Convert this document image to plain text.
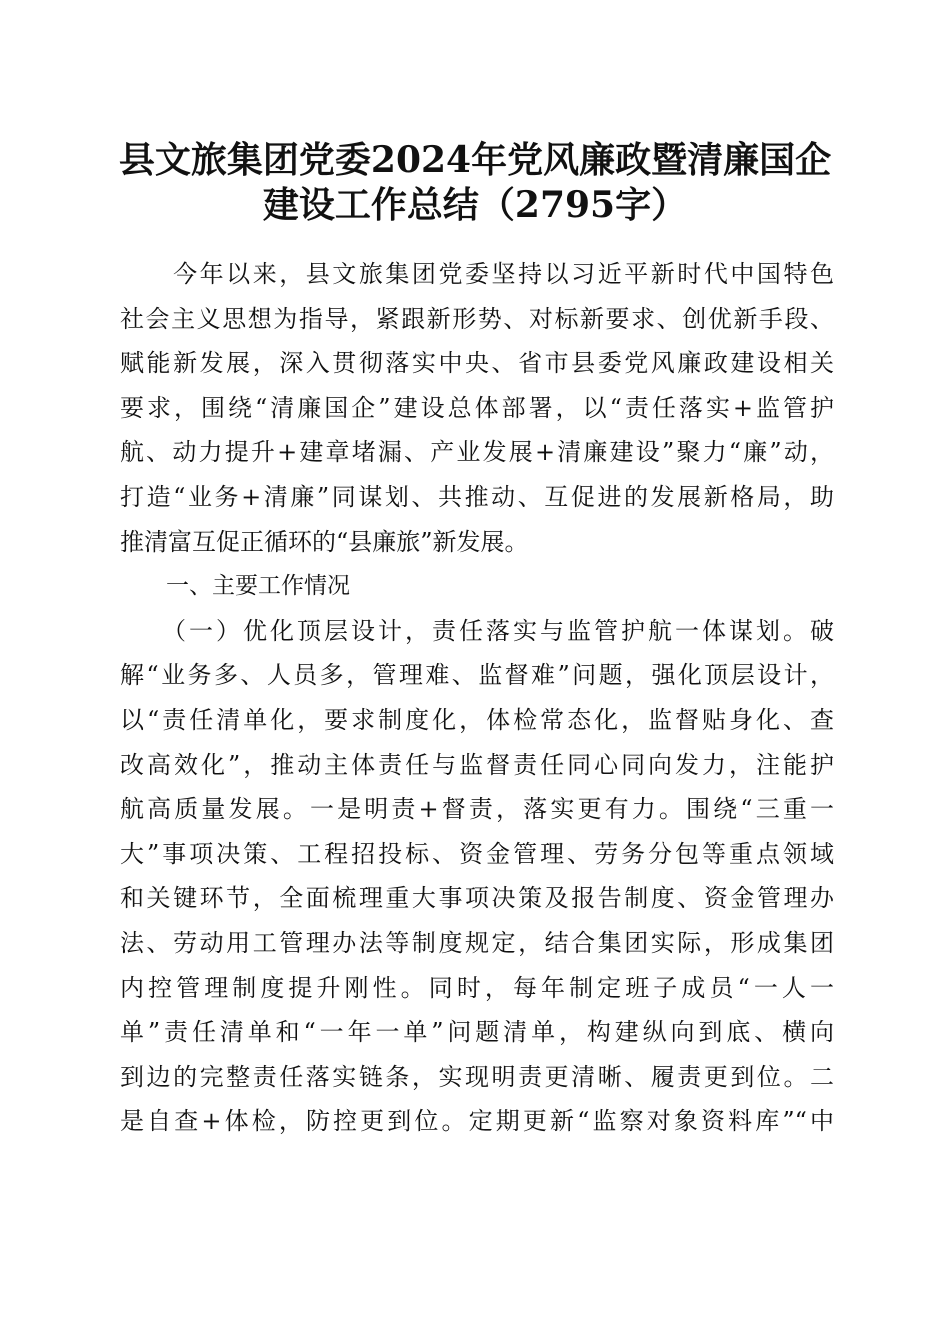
县文旅集团党委2024年党风廉政暨清廉国企
建设工作总结（2795字）
　　今年以来，县文旅集团党委坚持以习近平新时代中国特色
社会主义思想为指导，紧跟新形势、对标新要求、创优新手段、
赋能新发展，深入贯彻落实中央、省市县委党风廉政建设相关
要求，围绕“清廉国企”建设总体部署，以“责任落实+监管护
航、动力提升+建章堵漏、产业发展+清廉建设”聚力“廉”动，
打造“业务+清廉”同谋划、共推动、互促进的发展新格局，助
推清富互促正循环的“县廉旅”新发展。
　　一、主要工作情况
　　（一）优化顶层设计，责任落实与监管护航一体谋划。破
解“业务多、人员多，管理难、监督难”问题，强化顶层设计，
以“责任清单化，要求制度化，体检常态化，监督贴身化、查
改高效化”，推动主体责任与监督责任同心同向发力，注能护
航高质量发展。一是明责+督责，落实更有力。围绕“三重一
大”事项决策、工程招投标、资金管理、劳务分包等重点领域
和关键环节，全面梳理重大事项决策及报告制度、资金管理办
法、劳动用工管理办法等制度规定，结合集团实际，形成集团
内控管理制度提升刚性。同时，每年制定班子成员“一人一
单”责任清单和“一年一单”问题清单，构建纵向到底、横向
到边的完整责任落实链条，实现明责更清晰、履责更到位。二
是自查+体检，防控更到位。定期更新“监察对象资料库”“中
